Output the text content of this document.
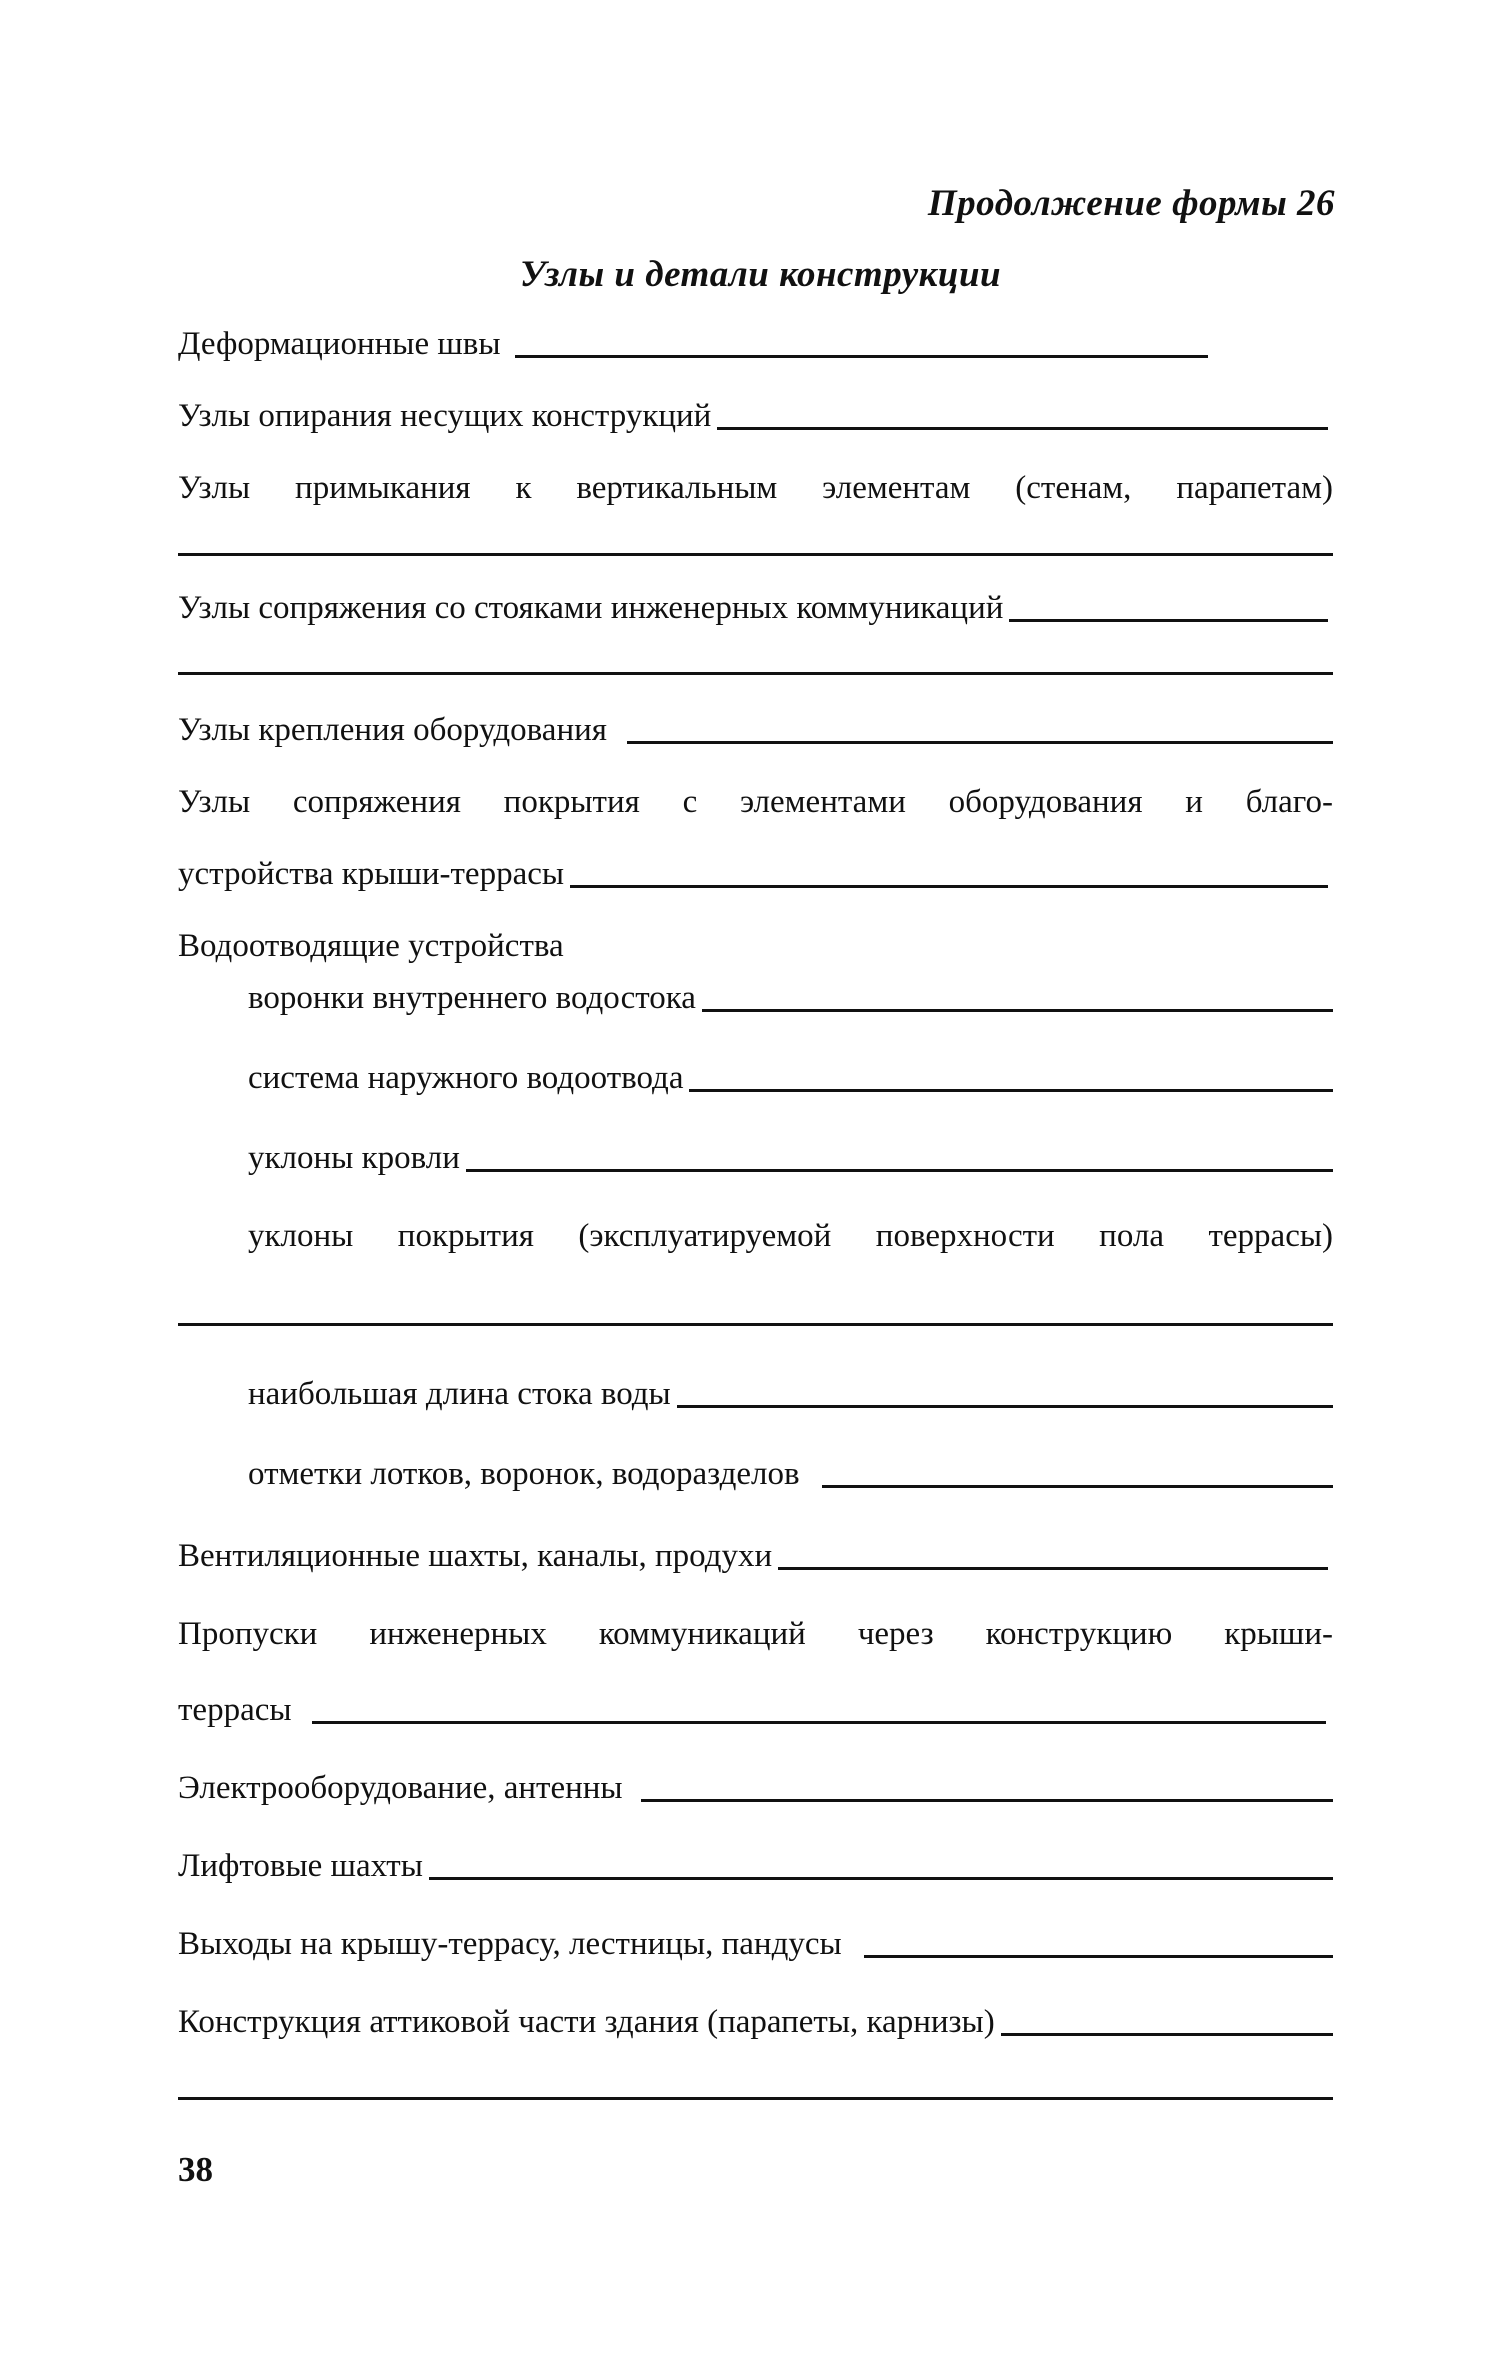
Продолжение формы 26
Узлы и детали конструкции
Деформационные швы
Узлы опирания несущих конструкций
Узлы примыкания к вертикальным элементам (стенам, парапетам)
Узлы сопряжения со стояками инженерных коммуникаций
Узлы крепления оборудования
Узлы сопряжения покрытия с элементами оборудования и благо-
устройства крыши-террасы
Водоотводящие устройства
воронки внутреннего водостока
система наружного водоотвода
уклоны кровли
уклоны покрытия (эксплуатируемой поверхности пола террасы)
наибольшая длина стока воды
отметки лотков, воронок, водоразделов
Вентиляционные шахты, каналы, продухи
Пропуски инженерных коммуникаций через конструкцию крыши-
террасы
Электрооборудование, антенны
Лифтовые шахты
Выходы на крышу-террасу, лестницы, пандусы
Конструкция аттиковой части здания (парапеты, карнизы)
38
